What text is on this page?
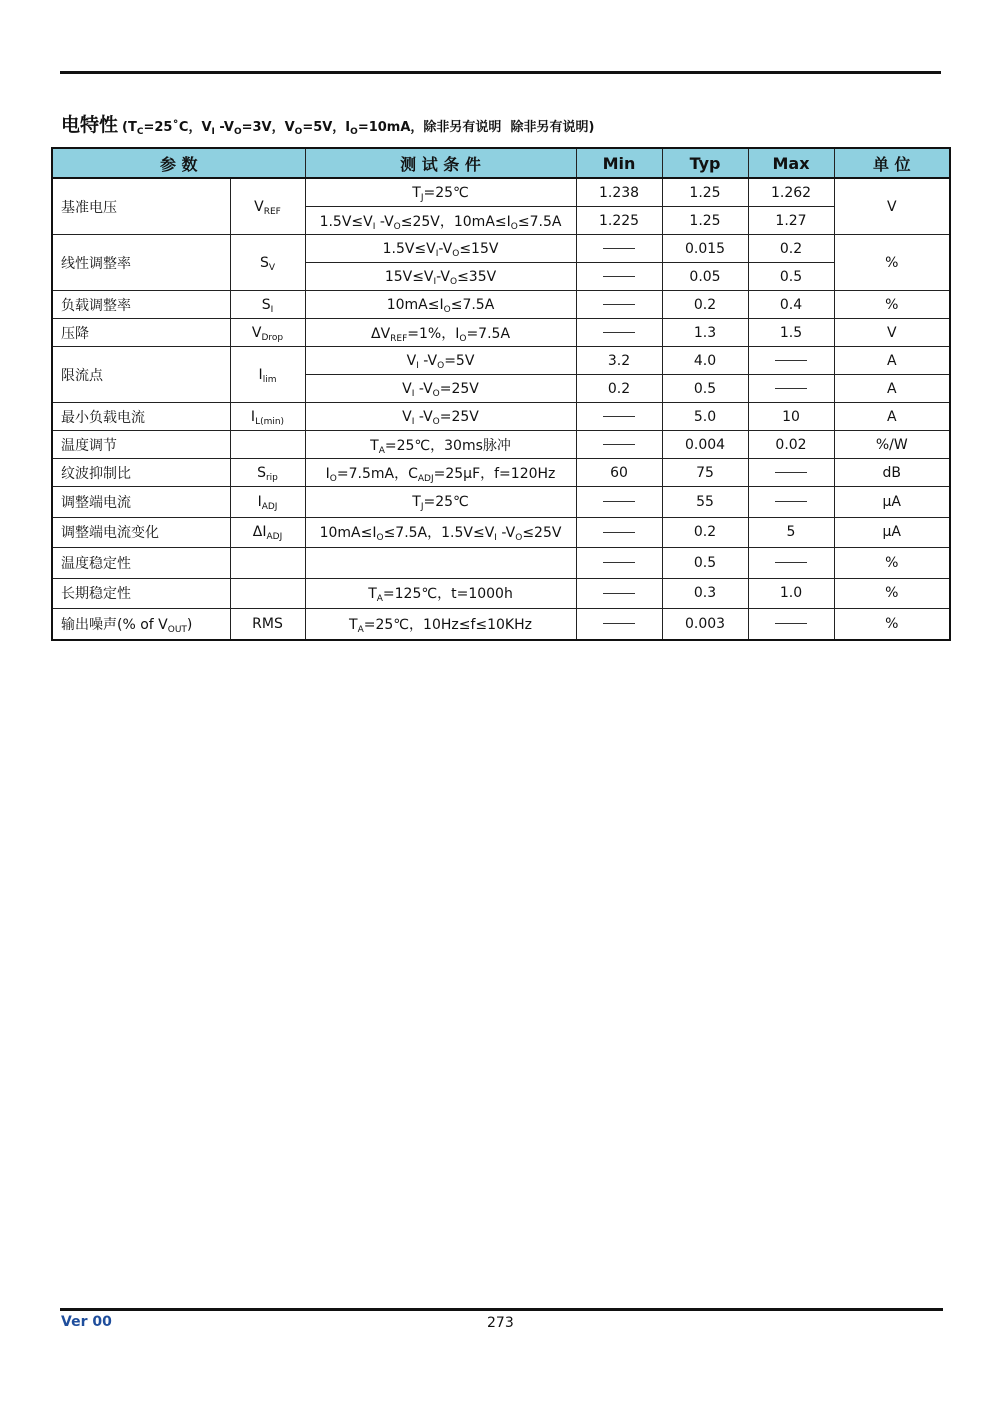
电特性 ($T_C=25˚C$，$V_I$ $-V_O=3V$，$V_O=5V$，$I_O=10mA$，除非另有说明  除非另有说明)
参 数		测 试 条 件	Min	Typ	Max	单 位
基准电压	$V_{REF}$	$T_J=25℃$	1.238	1.25	1.262	V
		$1.5V\le V_I$ $-V_O\le 25V$，$10mA\le I_O\le 7.5A$	1.225	1.25	1.27	
线性调整率	$S_V$	$1.5V\le V_I-V_O\le 15V$		0.015	0.2	%
		$15V\le V_I-V_O\le 35V$		0.05	0.5	
负载调整率	$S_I$	$10mA\le I_O\le 7.5A$		0.2	0.4	%
压降	$V_{Drop}$	$\Delta V_{REF}=1\%$，$I_O=7.5A$		1.3	1.5	V
限流点	$I_{lim}$	$V_I$ $-V_O=5V$	3.2	4.0		A
		$V_I$ $-V_O=25V$	0.2	0.5		A
最小负载电流	$I_{L(min)}$	$V_I$ $-V_O=25V$		5.0	10	A
温度调节		$T_A=25℃$，30ms脉冲		0.004	0.02	%/W
纹波抑制比	$S_{rip}$	$I_O=7.5mA$，$C_{ADJ}=25\mu F$，f=120Hz	60	75		dB
调整端电流	$I_{ADJ}$	$T_J=25℃$		55		μA
调整端电流变化	$\Delta I_{ADJ}$	$10mA\le I_O\le 7.5A$，$1.5V\le V_I$ $-V_O\le 25V$		0.2	5	μA
温度稳定性				0.5		%
长期稳定性		$T_A=125℃$，t=1000h		0.3	1.0	%
输出噪声(% of $V_{OUT}$)	RMS	$T_A=25℃$，10Hz≤f≤10KHz		0.003		%
Ver 00	273
